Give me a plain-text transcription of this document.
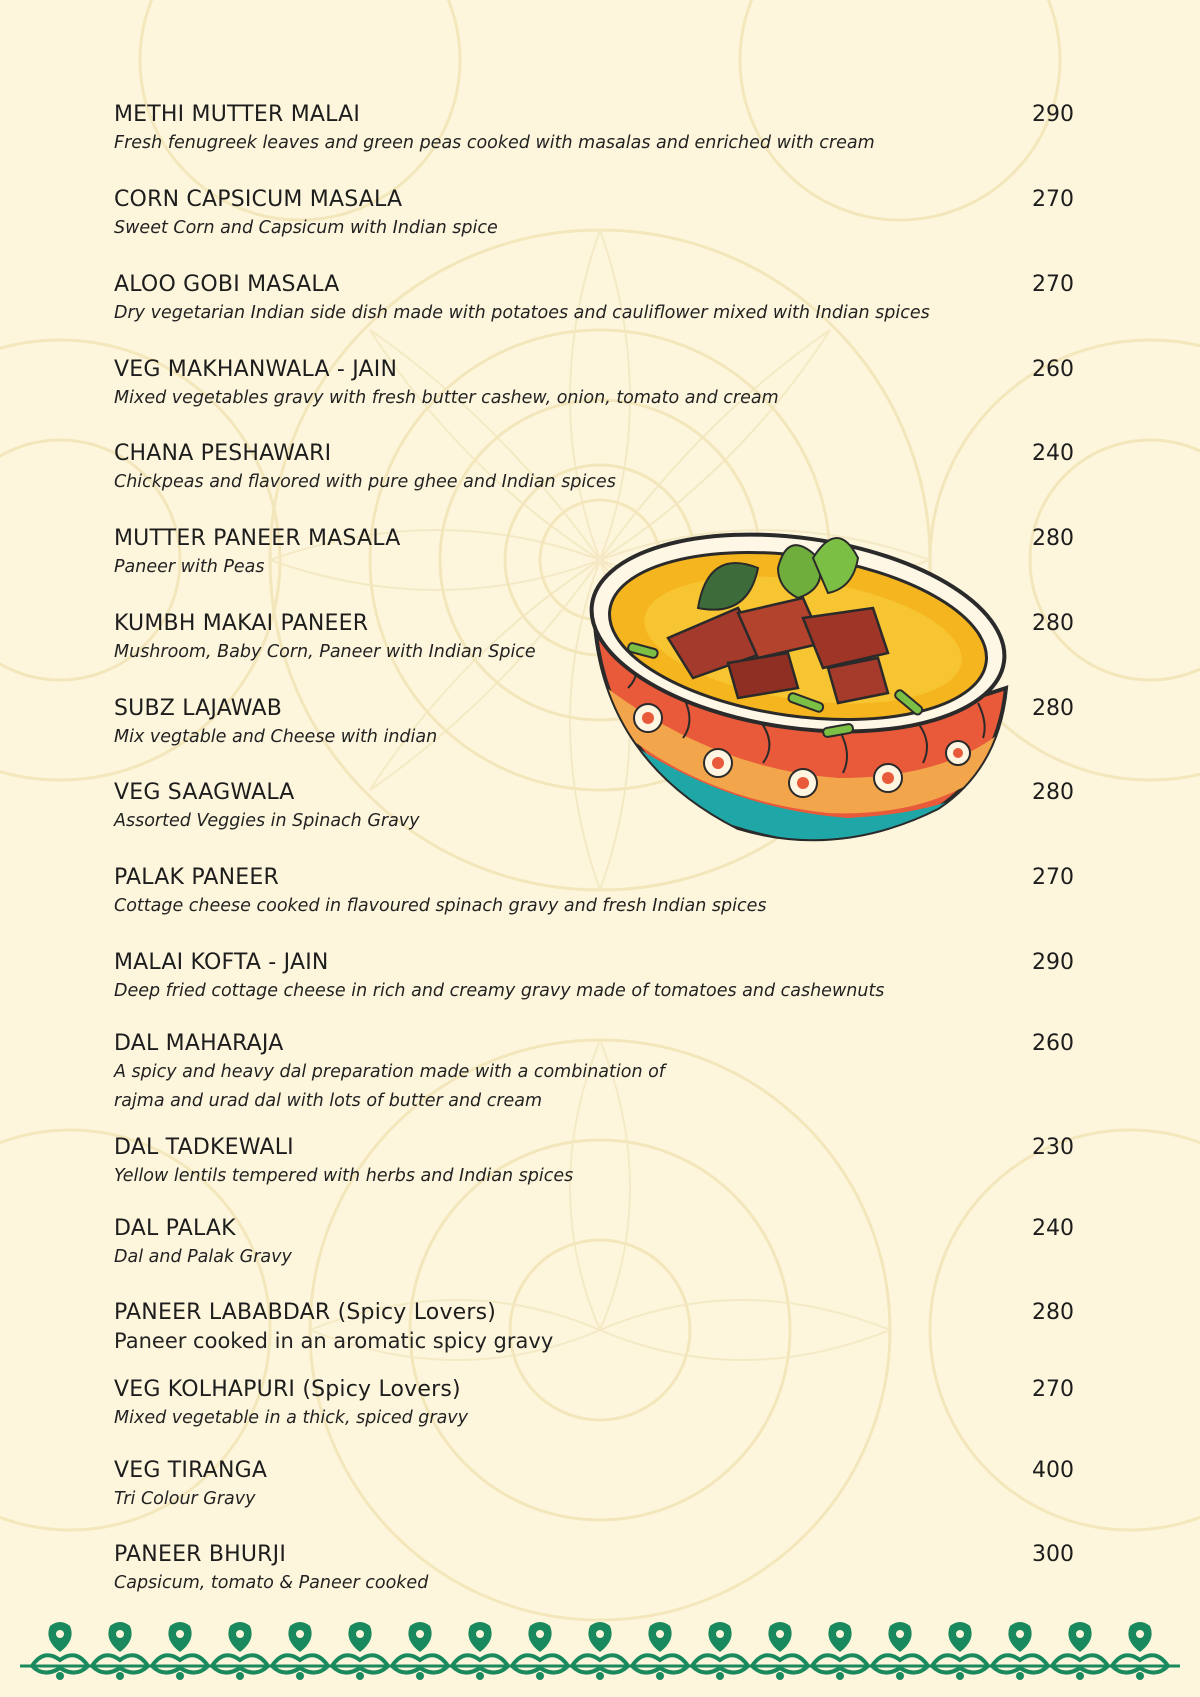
METHI MUTTER MALAI	290
Fresh fenugreek leaves and green peas cooked with masalas and enriched with cream
CORN CAPSICUM MASALA	270
Sweet Corn and Capsicum with Indian spice
ALOO GOBI MASALA	270
Dry vegetarian Indian side dish made with potatoes and cauliflower mixed with Indian spices
VEG MAKHANWALA - JAIN	260
Mixed vegetables gravy with fresh butter cashew, onion, tomato and cream
CHANA PESHAWARI	240
Chickpeas and flavored with pure ghee and Indian spices
MUTTER PANEER MASALA	280
Paneer with Peas
KUMBH MAKAI PANEER	280
Mushroom, Baby Corn, Paneer with Indian Spice
SUBZ LAJAWAB	280
Mix vegtable and Cheese with indian
VEG SAAGWALA	280
Assorted Veggies in Spinach Gravy
PALAK PANEER	270
Cottage cheese cooked in flavoured spinach gravy and fresh Indian spices
MALAI KOFTA - JAIN	290
Deep fried cottage cheese in rich and creamy gravy made of tomatoes and cashewnuts
DAL MAHARAJA	260
A spicy and heavy dal preparation made with a combination of
rajma and urad dal with lots of butter and cream
DAL TADKEWALI	230
Yellow lentils tempered with herbs and Indian spices
DAL PALAK	240
Dal and Palak Gravy
PANEER LABABDAR (Spicy Lovers)	280
Paneer cooked in an aromatic spicy gravy
VEG KOLHAPURI (Spicy Lovers)	270
Mixed vegetable in a thick, spiced gravy
VEG TIRANGA	400
Tri Colour Gravy
PANEER BHURJI	300
Capsicum, tomato & Paneer cooked
